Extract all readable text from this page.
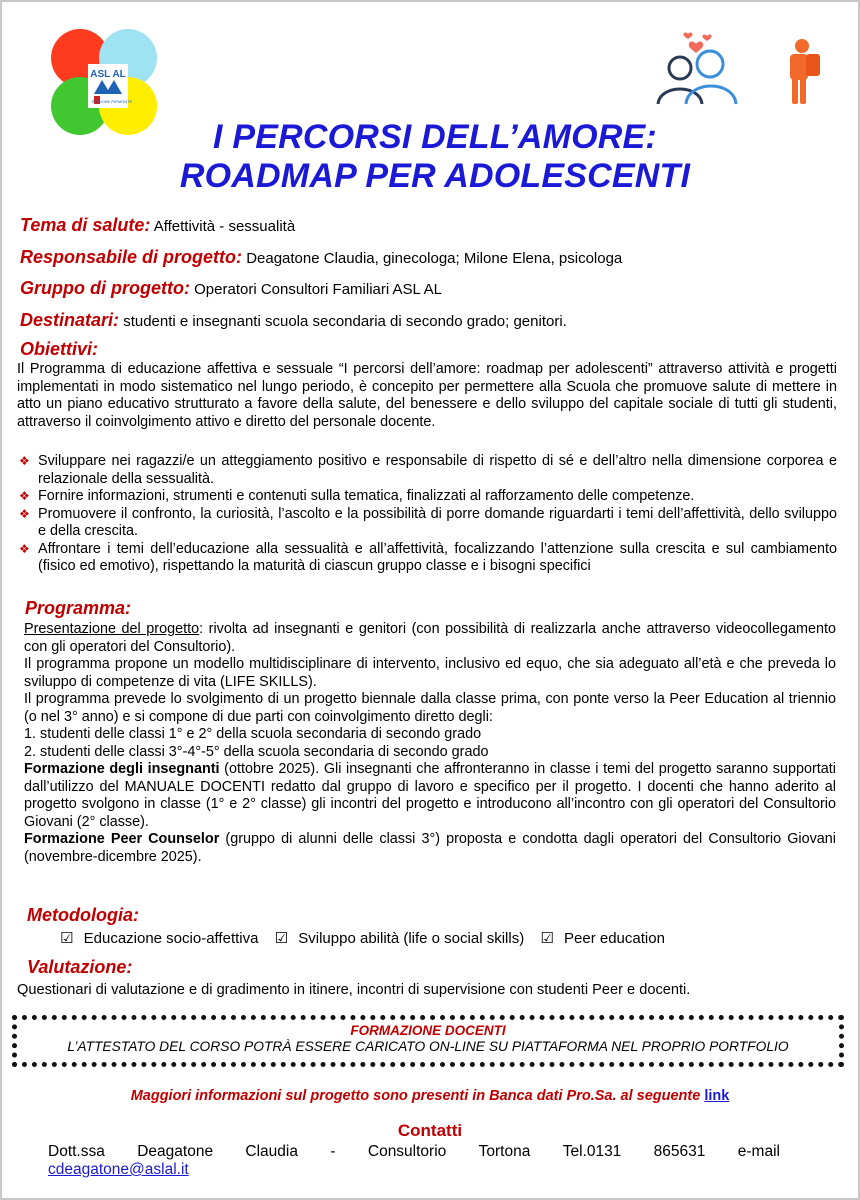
ASL AL
REGIONE PIEMONTE
I PERCORSI DELL’AMORE:
ROADMAP PER ADOLESCENTI
Tema di salute: Affettività - sessualità
Responsabile di progetto: Deagatone Claudia, ginecologa; Milone Elena, psicologa
Gruppo di progetto: Operatori Consultori Familiari ASL AL
Destinatari: studenti e insegnanti scuola secondaria di secondo grado; genitori.
Obiettivi:

Il Programma di educazione affettiva e sessuale “I percorsi dell’amore: roadmap per adolescenti” attraverso attività e progetti implementati in modo sistematico nel lungo periodo, è concepito per permettere alla Scuola che promuove salute di mettere in atto un piano educativo strutturato a favore della salute, del benessere e dello sviluppo del capitale sociale di tutti gli studenti, attraverso il coinvolgimento attivo e diretto del personale docente.

❖ Sviluppare nei ragazzi/e un atteggiamento positivo e responsabile di rispetto di sé e dell’altro nella dimensione corporea e relazionale della sessualità.
❖ Fornire informazioni, strumenti e contenuti sulla tematica, finalizzati al rafforzamento delle competenze.
❖ Promuovere il confronto, la curiosità, l’ascolto e la possibilità di porre domande riguardarti i temi dell’affettività, dello sviluppo e della crescita.
❖ Affrontare i temi dell’educazione alla sessualità e all’affettività, focalizzando l’attenzione sulla crescita e sul cambiamento (fisico ed emotivo), rispettando la maturità di ciascun gruppo classe e i bisogni specifici
Programma:

Presentazione del progetto: rivolta ad insegnanti e genitori (con possibilità di realizzarla anche attraverso videocollegamento con gli operatori del Consultorio).

Il programma propone un modello multidisciplinare di intervento, inclusivo ed equo, che sia adeguato all’età e che preveda lo sviluppo di competenze di vita (LIFE SKILLS).

Il programma prevede lo svolgimento di un progetto biennale dalla classe prima, con ponte verso la Peer Education al triennio (o nel 3° anno) e si compone di due parti con coinvolgimento diretto degli:

1. studenti delle classi 1° e 2° della scuola secondaria di secondo grado

2. studenti delle classi 3°-4°-5° della scuola secondaria di secondo grado

Formazione degli insegnanti (ottobre 2025). Gli insegnanti che affronteranno in classe i temi del progetto saranno supportati dall’utilizzo del MANUALE DOCENTI redatto dal gruppo di lavoro e specifico per il progetto. I docenti che hanno aderito al progetto svolgono in classe (1° e 2° classe) gli incontri del progetto e introducono all’incontro con gli operatori del Consultorio Giovani (2° classe).

Formazione Peer Counselor (gruppo di alunni delle classi 3°) proposta e condotta dagli operatori del Consultorio Giovani (novembre-dicembre 2025).

Metodologia:
☑ Educazione socio-affettiva ☑ Sviluppo abilità (life o social skills) ☑ Peer education
Valutazione:
Questionari di valutazione e di gradimento in itinere, incontri di supervisione con studenti Peer e docenti.
FORMAZIONE DOCENTI
L’ATTESTATO DEL CORSO POTRÀ ESSERE CARICATO ON-LINE SU PIATTAFORMA NEL PROPRIO PORTFOLIO
Maggiori informazioni sul progetto sono presenti in Banca dati Pro.Sa. al seguente link
Contatti
Dott.ssa Deagatone Claudia - Consultorio Tortona Tel.0131 865631 e-mail
cdeagatone@aslal.it
